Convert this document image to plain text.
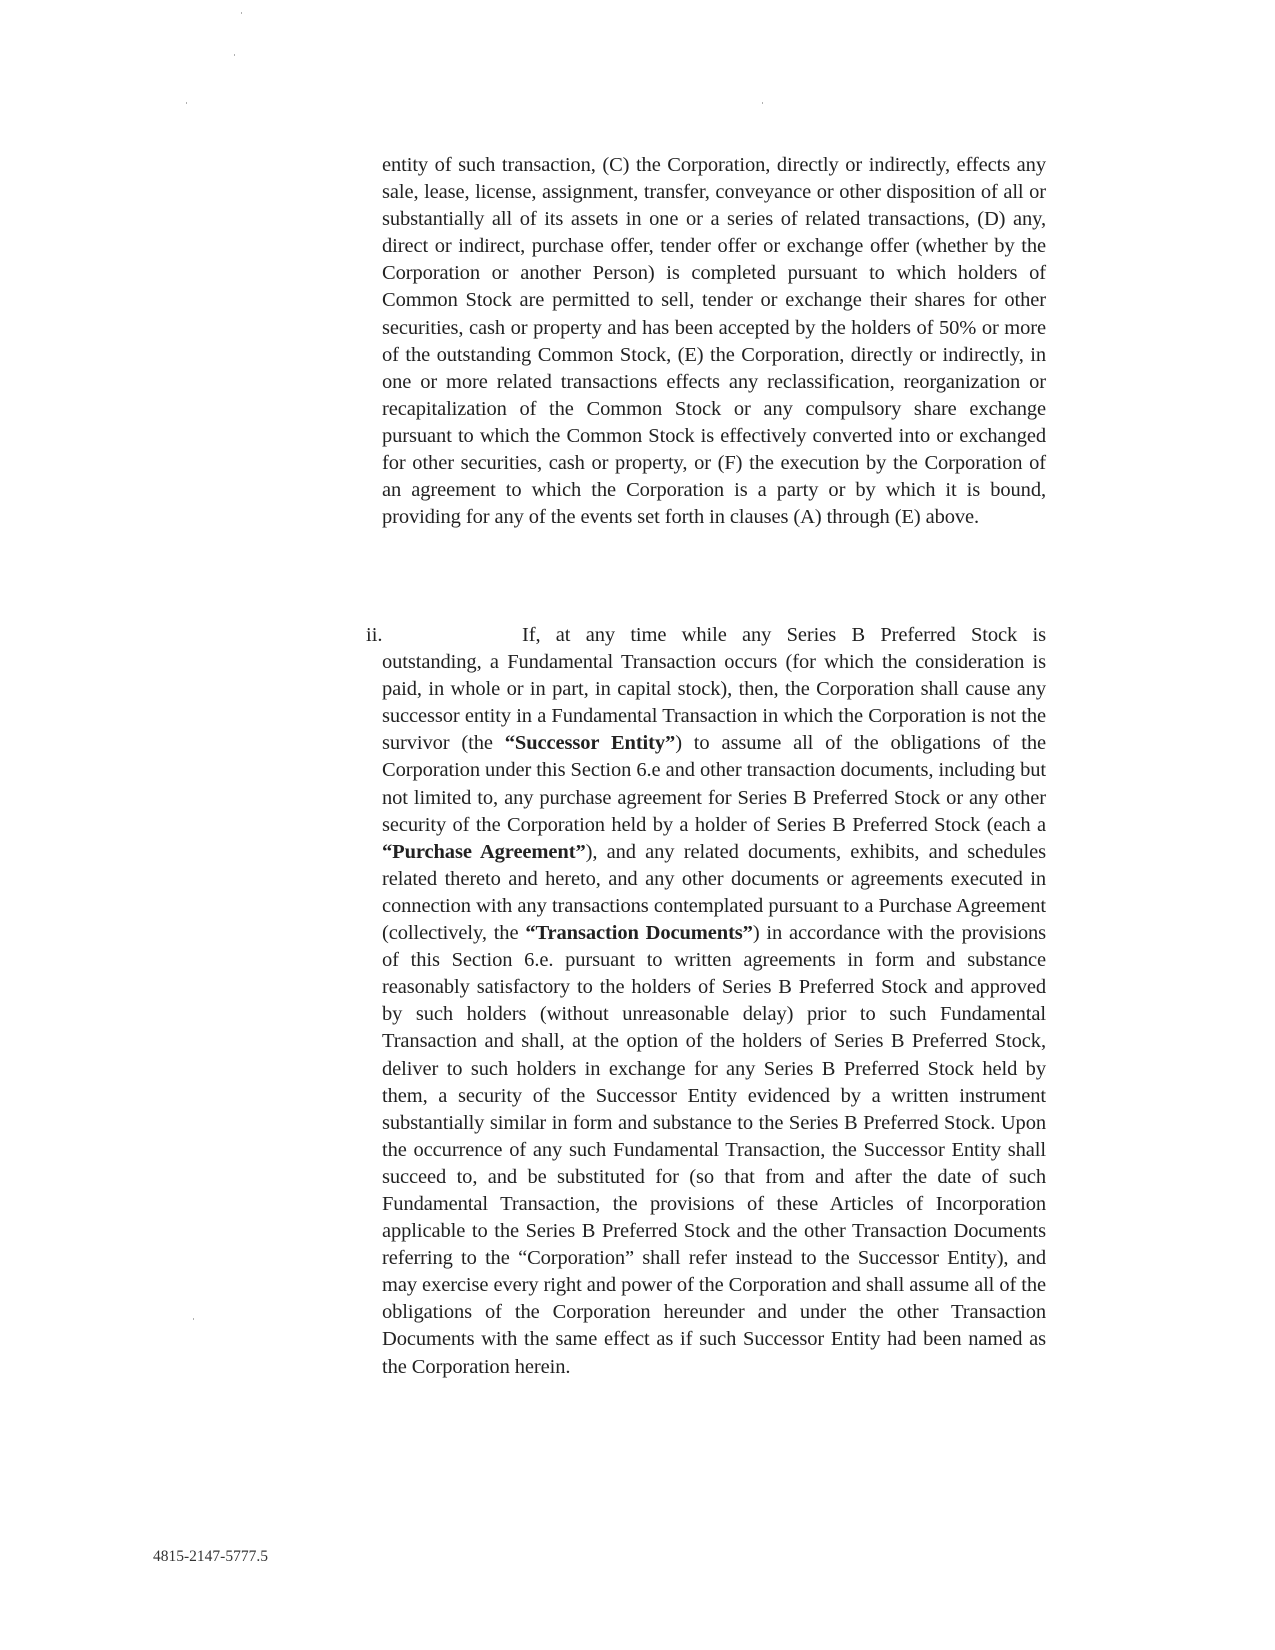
entity of such transaction, (C) the Corporation, directly or indirectly, effects any sale, lease, license, assignment, transfer, conveyance or other disposition of all or substantially all of its assets in one or a series of related transactions, (D) any, direct or indirect, purchase offer, tender offer or exchange offer (whether by the Corporation or another Person) is completed pursuant to which holders of Common Stock are permitted to sell, tender or exchange their shares for other securities, cash or property and has been accepted by the holders of 50% or more of the outstanding Common Stock, (E) the Corporation, directly or indirectly, in one or more related transactions effects any reclassification, reorganization or recapitalization of the Common Stock or any compulsory share exchange pursuant to which the Common Stock is effectively converted into or exchanged for other securities, cash or property, or (F) the execution by the Corporation of an agreement to which the Corporation is a party or by which it is bound, providing for any of the events set forth in clauses (A) through (E) above.

ii.	If, at any time while any Series B Preferred Stock is outstanding, a Fundamental Transaction occurs (for which the consideration is paid, in whole or in part, in capital stock), then, the Corporation shall cause any successor entity in a Fundamental Transaction in which the Corporation is not the survivor (the “Successor Entity”) to assume all of the obligations of the Corporation under this Section 6.e and other transaction documents, including but not limited to, any purchase agreement for Series B Preferred Stock or any other security of the Corporation held by a holder of Series B Preferred Stock (each a “Purchase Agreement”), and any related documents, exhibits, and schedules related thereto and hereto, and any other documents or agreements executed in connection with any transactions contemplated pursuant to a Purchase Agreement (collectively, the “Transaction Documents”) in accordance with the provisions of this Section 6.e. pursuant to written agreements in form and substance reasonably satisfactory to the holders of Series B Preferred Stock and approved by such holders (without unreasonable delay) prior to such Fundamental Transaction and shall, at the option of the holders of Series B Preferred Stock, deliver to such holders in exchange for any Series B Preferred Stock held by them, a security of the Successor Entity evidenced by a written instrument substantially similar in form and substance to the Series B Preferred Stock. Upon the occurrence of any such Fundamental Transaction, the Successor Entity shall succeed to, and be substituted for (so that from and after the date of such Fundamental Transaction, the provisions of these Articles of Incorporation applicable to the Series B Preferred Stock and the other Transaction Documents referring to the “Corporation” shall refer instead to the Successor Entity), and may exercise every right and power of the Corporation and shall assume all of the obligations of the Corporation hereunder and under the other Transaction Documents with the same effect as if such Successor Entity had been named as the Corporation herein.

4815-2147-5777.5
